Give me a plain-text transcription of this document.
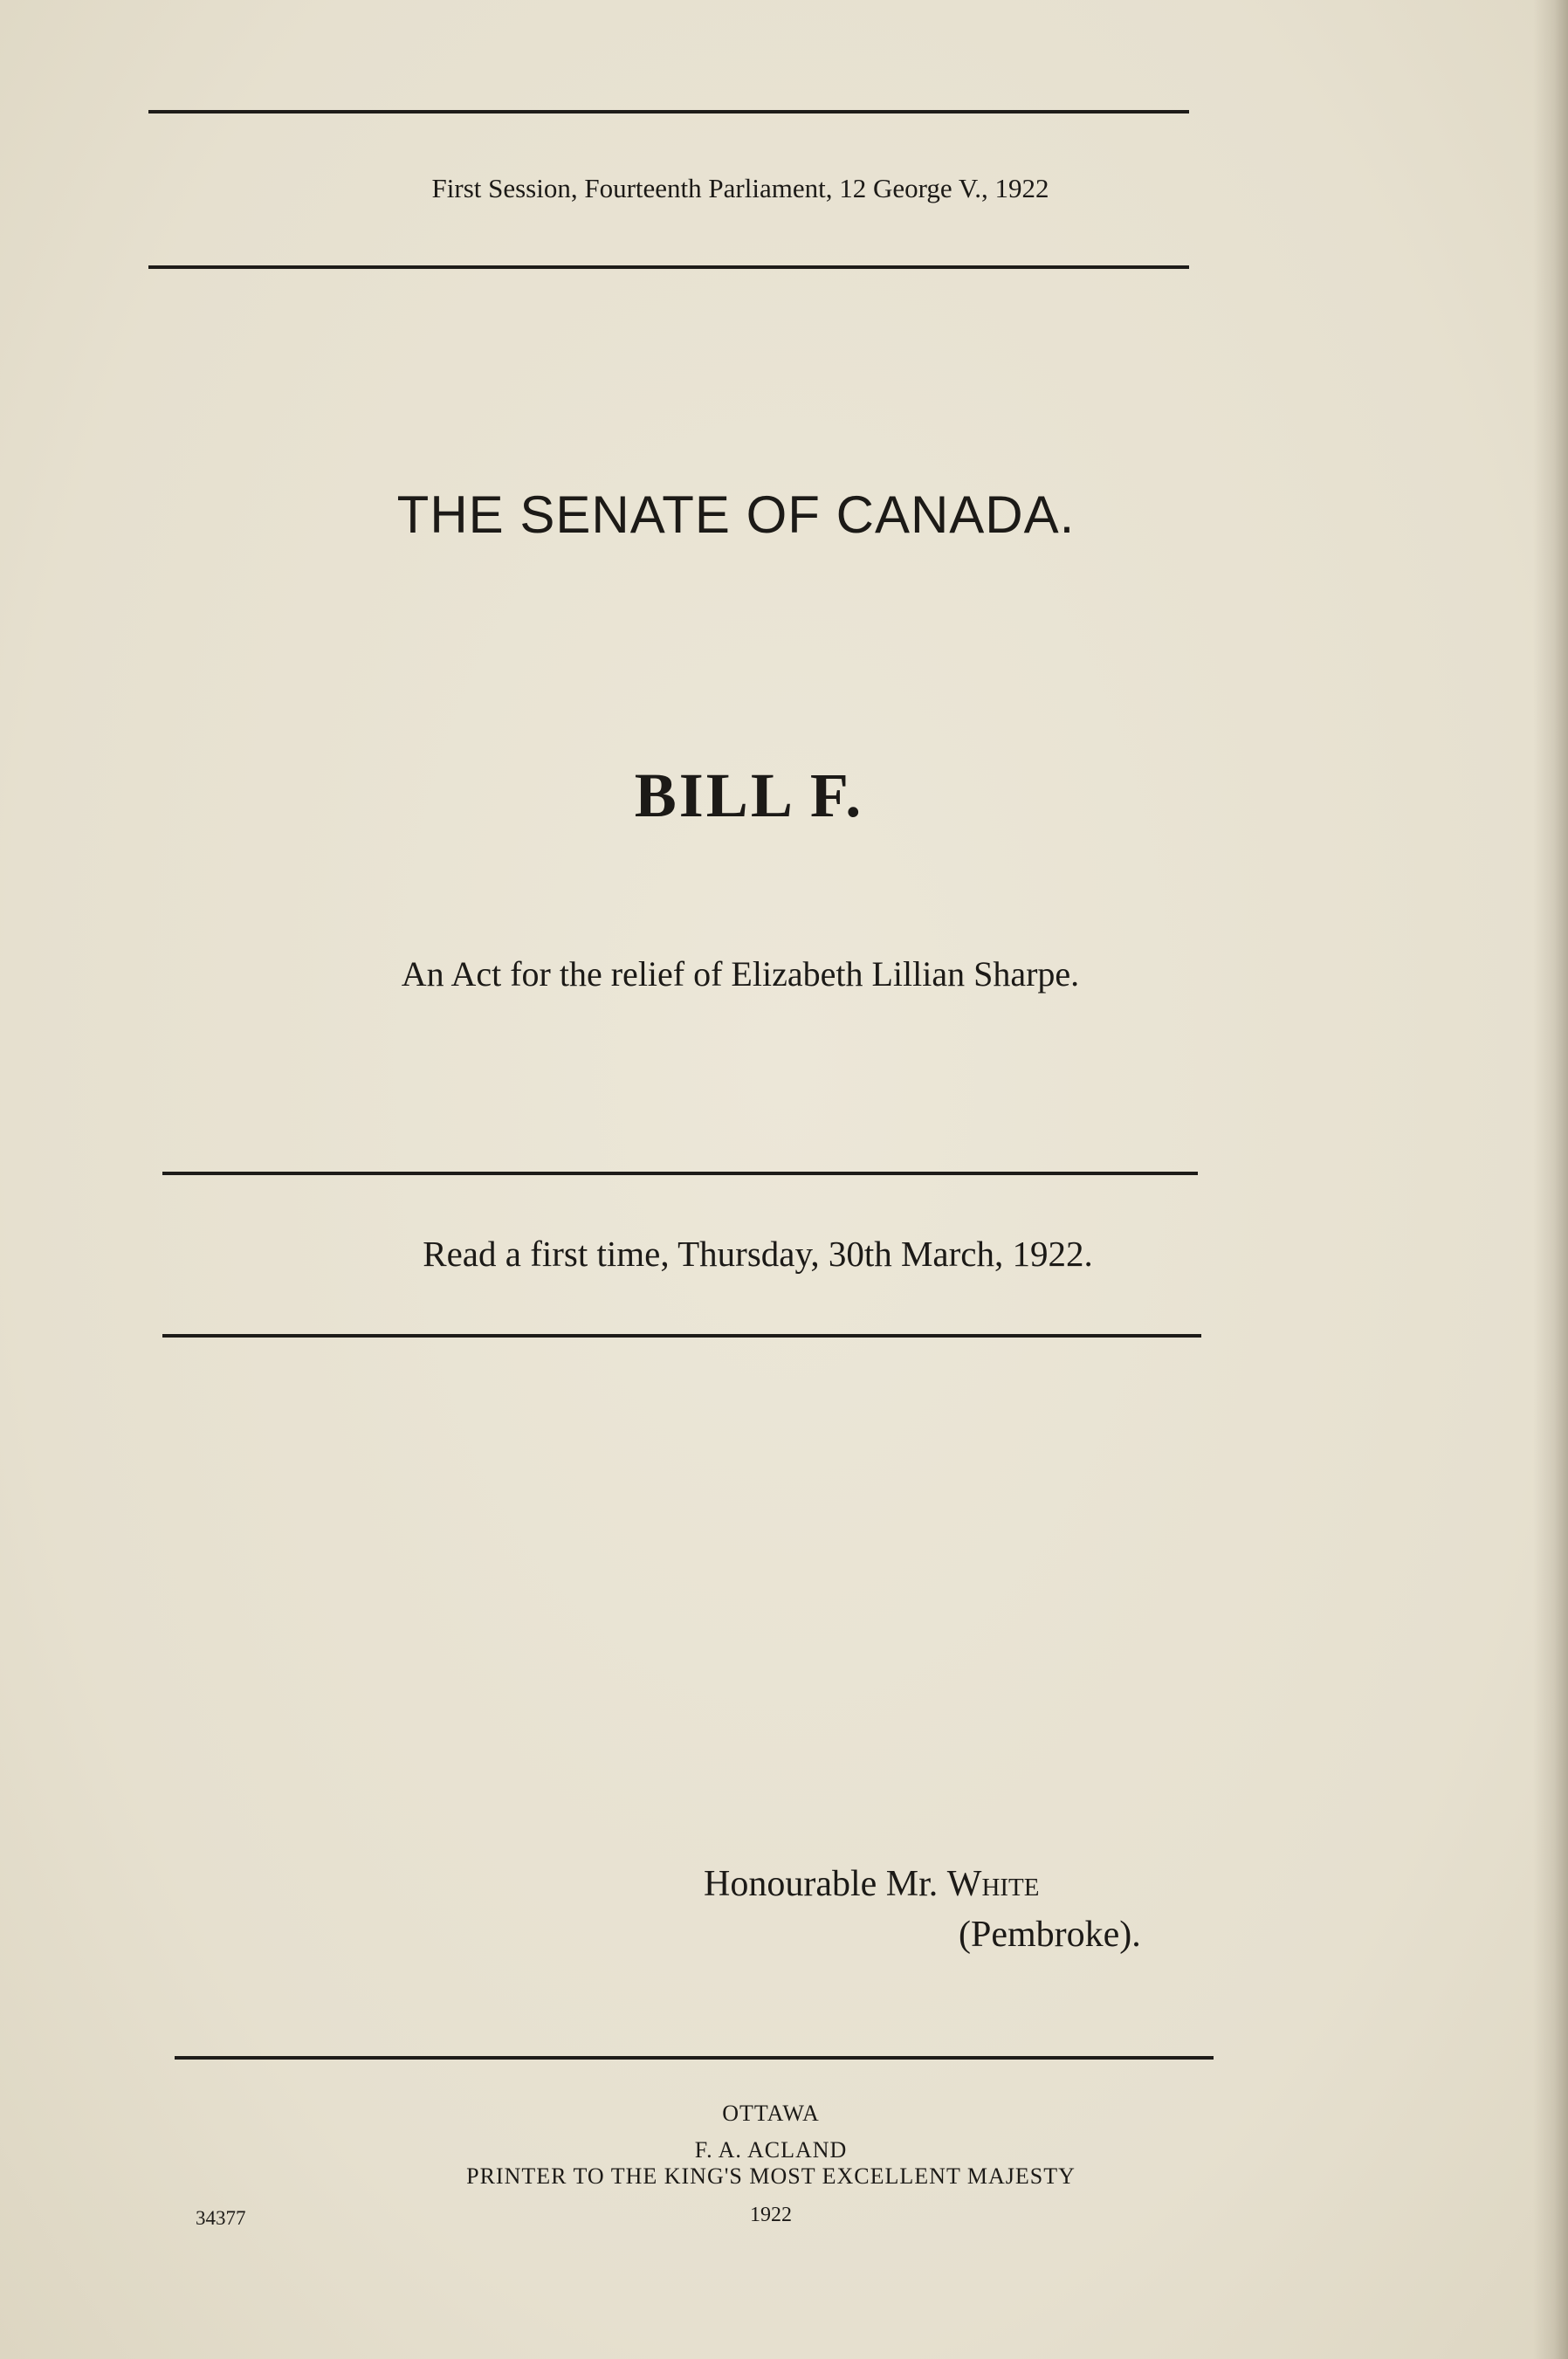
First Session, Fourteenth Parliament, 12 George V., 1922
THE SENATE OF CANADA.
BILL F.
An Act for the relief of Elizabeth Lillian Sharpe.
Read a first time, Thursday, 30th March, 1922.
Honourable Mr. White
(Pembroke).
OTTAWA
F. A. ACLAND
PRINTER TO THE KING'S MOST EXCELLENT MAJESTY
1922
34377
